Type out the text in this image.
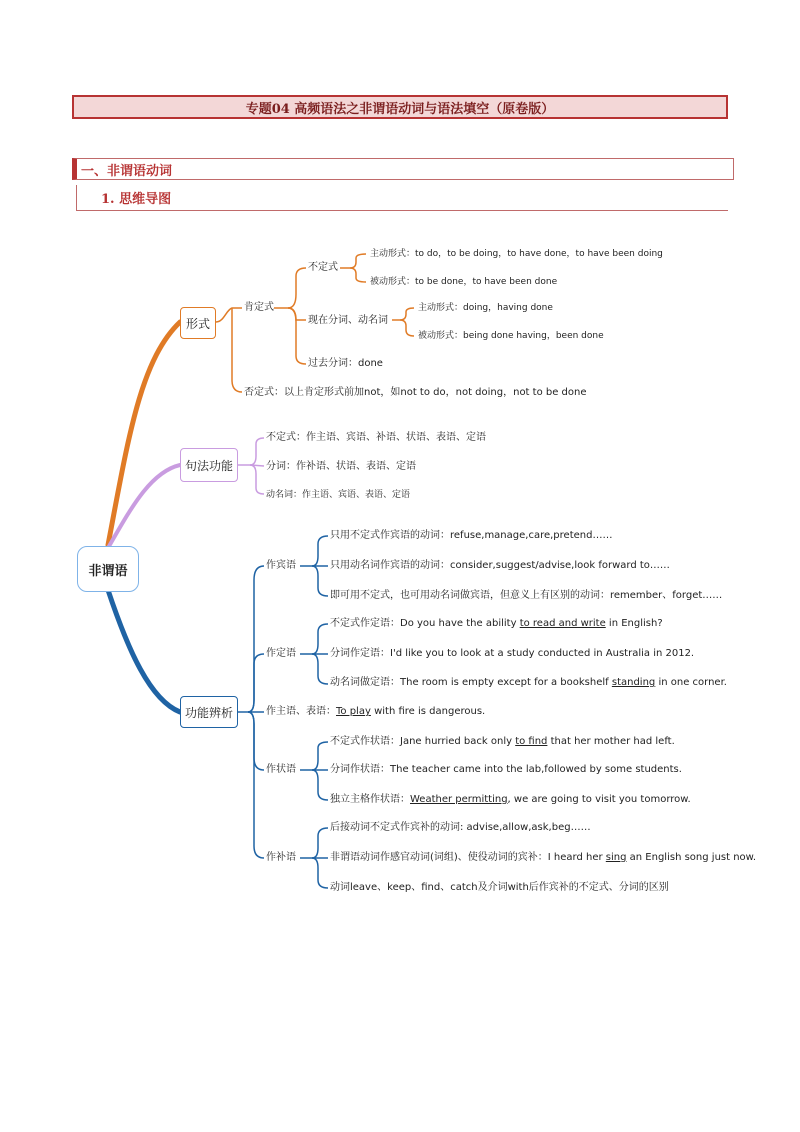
专题04 高频语法之非谓语动词与语法填空（原卷版）
一、非谓语动词
1. 思维导图
非谓语
形式
句法功能
功能辨析
肯定式
不定式
主动形式：to do，to be doing，to have done，to have been doing
被动形式：to be done，to have been done
现在分词、动名词
主动形式：doing，having done
被动形式：being done having，been done
过去分词：done
否定式：以上肯定形式前加not，如not to do，not doing，not to be done
不定式：作主语、宾语、补语、状语、表语、定语
分词：作补语、状语、表语、定语
动名词：作主语、宾语、表语、定语
作宾语
作定语
作主语、表语：To play with fire is dangerous.
作状语
作补语
只用不定式作宾语的动词：refuse,manage,care,pretend……
只用动名词作宾语的动词：consider,suggest/advise,look forward to……
即可用不定式，也可用动名词做宾语，但意义上有区别的动词：remember、forget……
不定式作定语：Do you have the ability to read and write in English?
分词作定语：I'd like you to look at a study conducted in Australia in 2012.
动名词做定语：The room is empty except for a bookshelf standing in one corner.
不定式作状语：Jane hurried back only to find that her mother had left.
分词作状语：The teacher came into the lab,followed by some students.
独立主格作状语：Weather permitting, we are going to visit you tomorrow.
后接动词不定式作宾补的动词: advise,allow,ask,beg……
非谓语动词作感官动词(词组)、使役动词的宾补：I heard her sing an English song just now.
动词leave、keep、find、catch及介词with后作宾补的不定式、分词的区别
